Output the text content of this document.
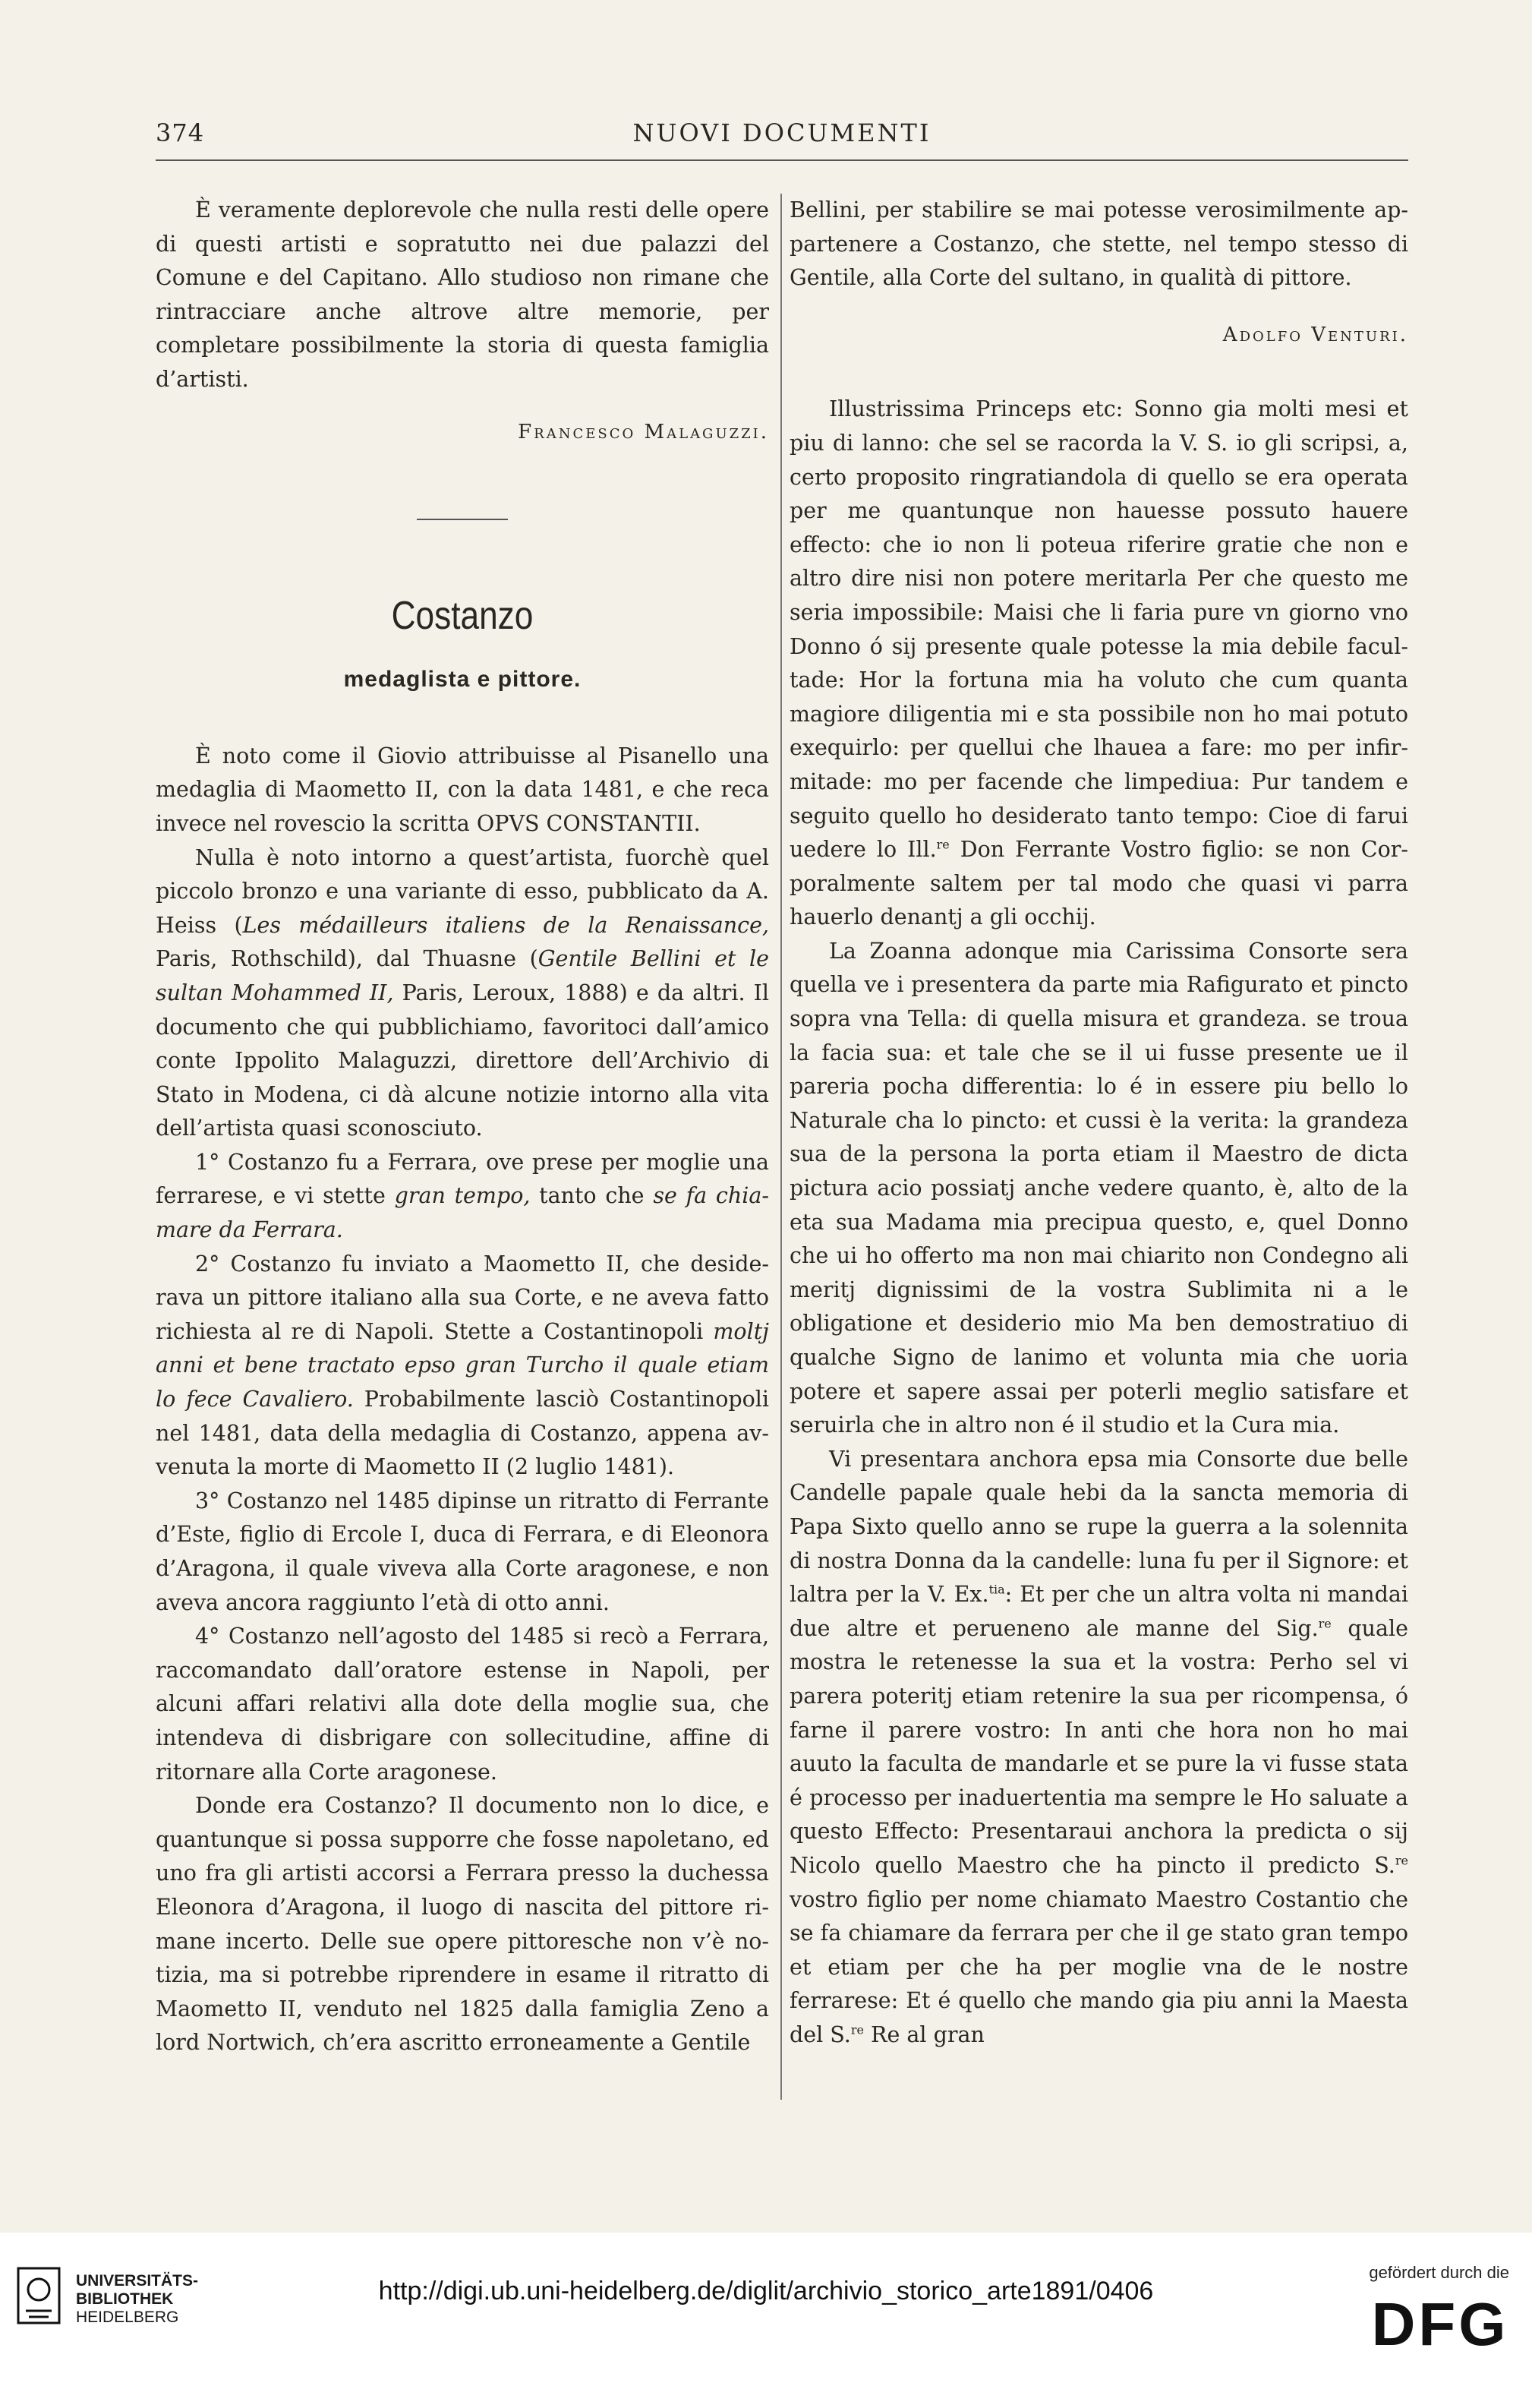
374	NUOVI DOCUMENTI

È veramente deplorevole che nulla resti delle opere di questi artisti e sopratutto nei due palazzi del Comune e del Capitano. Allo studioso non rimane che rintracciare anche altrove altre memorie, per completare possibilmente la storia di questa famiglia d’artisti.

Francesco Malaguzzi.
Costanzo
medaglista e pittore.

È noto come il Giovio attribuisse al Pisanello una medaglia di Maometto II, con la data 1481, e che reca invece nel rovescio la scritta OPVS CONSTANTII.

Nulla è noto intorno a quest’artista, fuorchè quel piccolo bronzo e una variante di esso, pubblicato da A. Heiss (Les médailleurs italiens de la Renaissance, Paris, Rothschild), dal Thuasne (Gentile Bellini et le sultan Mohammed II, Paris, Leroux, 1888) e da altri. Il documento che qui pubblichiamo, favoritoci dall’amico conte Ippolito Malaguzzi, direttore dell’Archivio di Stato in Modena, ci dà alcune notizie intorno alla vita dell’artista quasi sconosciuto.

1° Costanzo fu a Ferrara, ove prese per moglie una ferrarese, e vi stette gran tempo, tanto che se fa chiamare da Ferrara.

2° Costanzo fu inviato a Maometto II, che desiderava un pittore italiano alla sua Corte, e ne aveva fatto richiesta al re di Napoli. Stette a Costantinopoli moltj anni et bene tractato epso gran Turcho il quale etiam lo fece Cavaliero. Probabilmente lasciò Costantinopoli nel 1481, data della medaglia di Costanzo, appena avvenuta la morte di Maometto II (2 luglio 1481).

3° Costanzo nel 1485 dipinse un ritratto di Ferrante d’Este, figlio di Ercole I, duca di Ferrara, e di Eleonora d’Aragona, il quale viveva alla Corte aragonese, e non aveva ancora raggiunto l’età di otto anni.

4° Costanzo nell’agosto del 1485 si recò a Ferrara, raccomandato dall’oratore estense in Napoli, per alcuni affari relativi alla dote della moglie sua, che intendeva di disbrigare con sollecitudine, affine di ritornare alla Corte aragonese.

Donde era Costanzo? Il documento non lo dice, e quantunque si possa supporre che fosse napoletano, ed uno fra gli artisti accorsi a Ferrara presso la duchessa Eleonora d’Aragona, il luogo di nascita del pittore rimane incerto. Delle sue opere pittoresche non v’è notizia, ma si potrebbe riprendere in esame il ritratto di Maometto II, venduto nel 1825 dalla famiglia Zeno a lord Nortwich, ch’era ascritto erroneamente a Gentile

Bellini, per stabilire se mai potesse verosimilmente appartenere a Costanzo, che stette, nel tempo stesso di Gentile, alla Corte del sultano, in qualità di pittore.

Adolfo Venturi.

Illustrissima Princeps etc: Sonno gia molti mesi et piu di lanno: che sel se racorda la V. S. io gli scripsi, a, certo proposito ringratiandola di quello se era operata per me quantunque non hauesse possuto hauere effecto: che io non li poteua riferire gratie che non e altro dire nisi non potere meritarla Per che questo me seria impossibile: Maisi che li faria pure vn giorno vno Donno ó sij presente quale potesse la mia debile facultade: Hor la fortuna mia ha voluto che cum quanta magiore diligentia mi e sta possibile non ho mai potuto exequirlo: per quellui che lhauea a fare: mo per infirmitade: mo per facende che limpediua: Pur tandem e seguito quello ho desiderato tanto tempo: Cioe di farui uedere lo Ill.$^{re}$ Don Ferrante Vostro figlio: se non Corporalmente saltem per tal modo che quasi vi parra hauerlo denantj a gli occhij.

La Zoanna adonque mia Carissima Consorte sera quella ve i presentera da parte mia Rafigurato et pincto sopra vna Tella: di quella misura et grandeza. se troua la facia sua: et tale che se il ui fusse presente ue il pareria pocha differentia: lo é in essere piu bello lo Naturale cha lo pincto: et cussi è la verita: la grandeza sua de la persona la porta etiam il Maestro de dicta pictura acio possiatj anche vedere quanto, è, alto de la eta sua Madama mia precipua questo, e, quel Donno che ui ho offerto ma non mai chiarito non Condegno ali meritj dignissimi de la vostra Sublimita ni a le obligatione et desiderio mio Ma ben demostratiuo di qualche Signo de lanimo et volunta mia che uoria potere et sapere assai per poterli meglio satisfare et seruirla che in altro non é il studio et la Cura mia.

Vi presentara anchora epsa mia Consorte due belle Candelle papale quale hebi da la sancta memoria di Papa Sixto quello anno se rupe la guerra a la solennita di nostra Donna da la candelle: luna fu per il Signore: et laltra per la V. Ex.$^{tia}$: Et per che un altra volta ni mandai due altre et perueneno ale manne del Sig.$^{re}$ quale mostra le retenesse la sua et la vostra: Perho sel vi parera poteritj etiam retenire la sua per ricompensa, ó farne il parere vostro: In anti che hora non ho mai auuto la faculta de mandarle et se pure la vi fusse stata é processo per inaduertentia ma sempre le Ho saluate a questo Effecto: Presentaraui anchora la predicta o sij Nicolo quello Maestro che ha pincto il predicto S.$^{re}$ vostro figlio per nome chiamato Maestro Costantio che se fa chiamare da ferrara per che il ge stato gran tempo et etiam per che ha per moglie vna de le nostre ferrarese: Et é quello che mando gia piu anni la Maesta del S.$^{re}$ Re al gran

UNIVERSITÄTS-
BIBLIOTHEK
HEIDELBERG
http://digi.ub.uni-heidelberg.de/diglit/archivio_storico_arte1891/0406
gefördert durch die
DFG
